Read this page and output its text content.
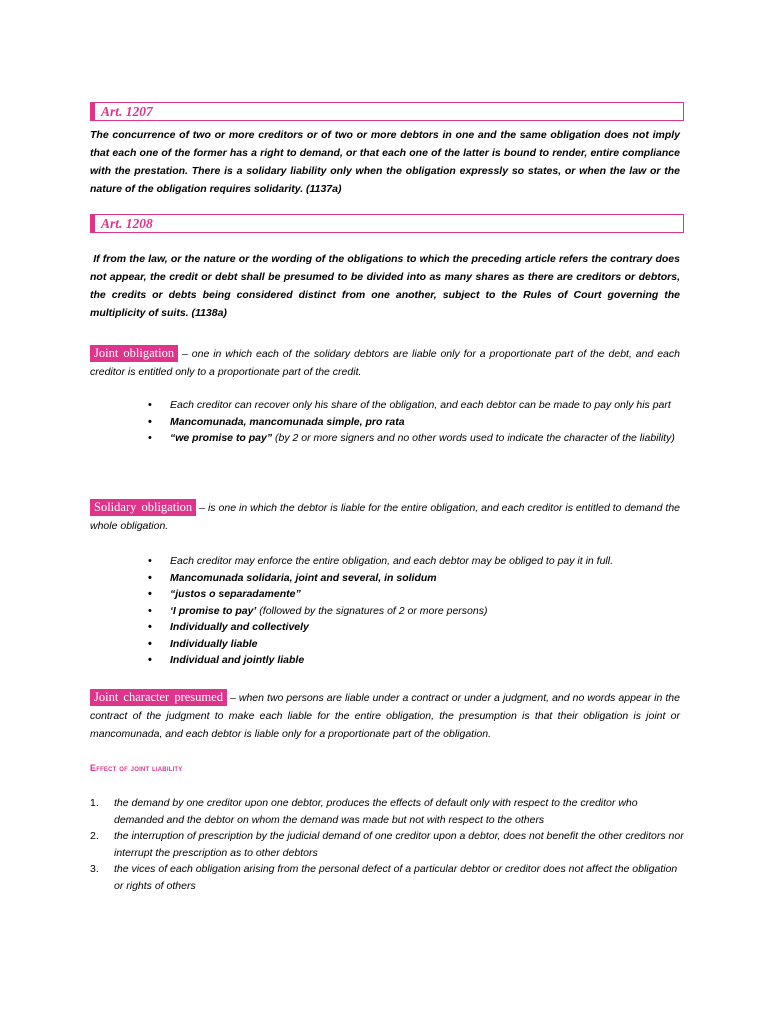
Art. 1207
The concurrence of two or more creditors or of two or more debtors in one and the same obligation does not imply that each one of the former has a right to demand, or that each one of the latter is bound to render, entire compliance with the prestation. There is a solidary liability only when the obligation expressly so states, or when the law or the nature of the obligation requires solidarity. (1137a)
Art. 1208
If from the law, or the nature or the wording of the obligations to which the preceding article refers the contrary does not appear, the credit or debt shall be presumed to be divided into as many shares as there are creditors or debtors, the credits or debts being considered distinct from one another, subject to the Rules of Court governing the multiplicity of suits. (1138a)
Joint obligation – one in which each of the solidary debtors are liable only for a proportionate part of the debt, and each creditor is entitled only to a proportionate part of the credit.
• Each creditor can recover only his share of the obligation, and each debtor can be made to pay only his part
• Mancomunada, mancomunada simple, pro rata
• “we promise to pay” (by 2 or more signers and no other words used to indicate the character of the liability)
Solidary obligation – is one in which the debtor is liable for the entire obligation, and each creditor is entitled to demand the whole obligation.
• Each creditor may enforce the entire obligation, and each debtor may be obliged to pay it in full.
• Mancomunada solidaria, joint and several, in solidum
• “justos o separadamente”
• ‘I promise to pay’ (followed by the signatures of 2 or more persons)
• Individually and collectively
• Individually liable
• Individual and jointly liable
Joint character presumed – when two persons are liable under a contract or under a judgment, and no words appear in the contract of the judgment to make each liable for the entire obligation, the presumption is that their obligation is joint or mancomunada, and each debtor is liable only for a proportionate part of the obligation.
Effect of joint liability
1. the demand by one creditor upon one debtor, produces the effects of default only with respect to the creditor who demanded and the debtor on whom the demand was made but not with respect to the others
2. the interruption of prescription by the judicial demand of one creditor upon a debtor, does not benefit the other creditors nor interrupt the prescription as to other debtors
3. the vices of each obligation arising from the personal defect of a particular debtor or creditor does not affect the obligation or rights of others
